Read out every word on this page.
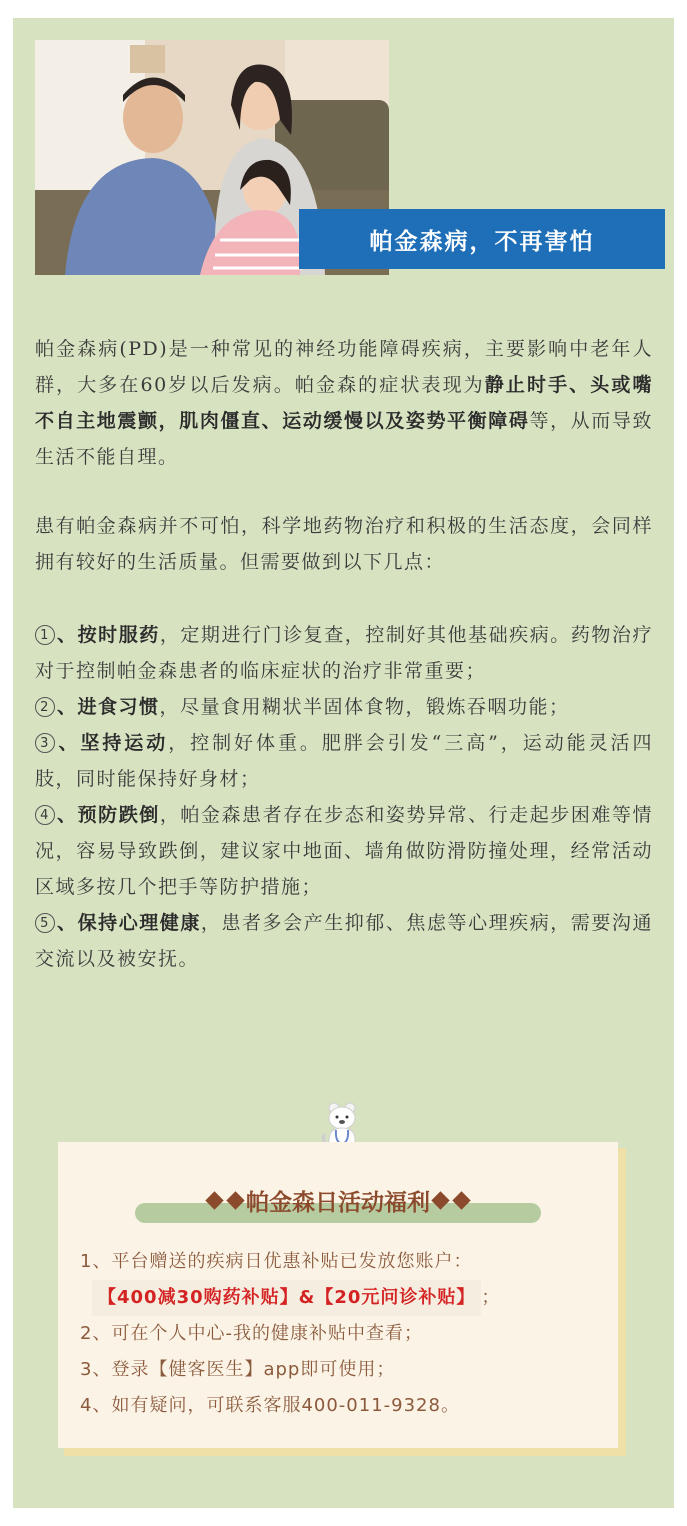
帕金森病，不再害怕
帕金森病(PD)是一种常见的神经功能障碍疾病，主要影响中老年人群，大多在60岁以后发病。帕金森的症状表现为静止时手、头或嘴不自主地震颤，肌肉僵直、运动缓慢以及姿势平衡障碍等，从而导致生活不能自理。
患有帕金森病并不可怕，科学地药物治疗和积极的生活态度，会同样拥有较好的生活质量。但需要做到以下几点：
1 、按时服药，定期进行门诊复查，控制好其他基础疾病。药物治疗对于控制帕金森患者的临床症状的治疗非常重要；
2 、进食习惯，尽量食用糊状半固体食物，锻炼吞咽功能；
3 、坚持运动，控制好体重。肥胖会引发“三高”，运动能灵活四肢，同时能保持好身材；
4 、预防跌倒，帕金森患者存在步态和姿势异常、行走起步困难等情况，容易导致跌倒，建议家中地面、墙角做防滑防撞处理，经常活动区域多按几个把手等防护措施；
5 、保持心理健康，患者多会产生抑郁、焦虑等心理疾病，需要沟通交流以及被安抚。
帕金森日活动福利
1、平台赠送的疾病日优惠补贴已发放您账户：
【400减30购药补贴】&【20元问诊补贴】 ；
2、可在个人中心-我的健康补贴中查看；
3、登录【健客医生】app即可使用；
4、如有疑问，可联系客服400-011-9328。
